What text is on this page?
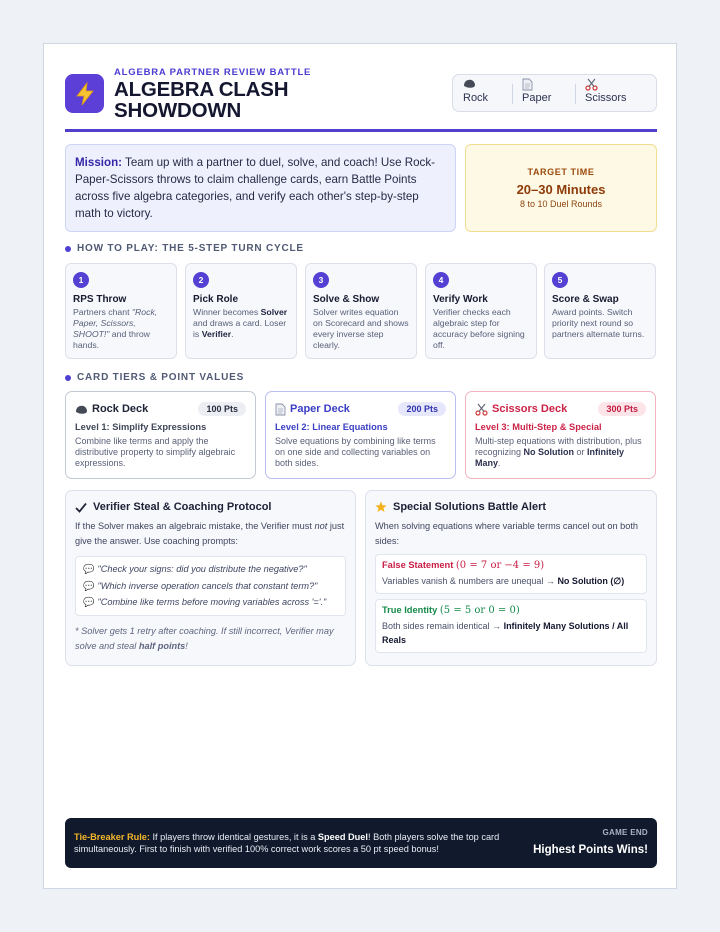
ALGEBRA PARTNER REVIEW BATTLE
ALGEBRA CLASH
SHOWDOWN
Rock	Paper	Scissors
Mission: Team up with a partner to duel, solve, and coach! Use Rock-Paper-Scissors throws to claim challenge cards, earn Battle Points across five algebra categories, and verify each other's step-by-step math to victory.
TARGET TIME
20–30 Minutes
8 to 10 Duel Rounds
HOW TO PLAY: THE 5-STEP TURN CYCLE
1
RPS Throw
Partners chant "Rock, Paper, Scissors, SHOOT!" and throw hands.
2
Pick Role
Winner becomes Solver and draws a card. Loser is Verifier.
3
Solve & Show
Solver writes equation on Scorecard and shows every inverse step clearly.
4
Verify Work
Verifier checks each algebraic step for accuracy before signing off.
5
Score & Swap
Award points. Switch priority next round so partners alternate turns.
CARD TIERS & POINT VALUES
Rock Deck	100 Pts
Level 1: Simplify Expressions
Combine like terms and apply the distributive property to simplify algebraic expressions.
Paper Deck	200 Pts
Level 2: Linear Equations
Solve equations by combining like terms on one side and collecting variables on both sides.
Scissors Deck	300 Pts
Level 3: Multi-Step & Special
Multi-step equations with distribution, plus recognizing No Solution or Infinitely Many.
Verifier Steal & Coaching Protocol
If the Solver makes an algebraic mistake, the Verifier must not just give the answer. Use coaching prompts:
💬 "Check your signs: did you distribute the negative?"
💬 "Which inverse operation cancels that constant term?"
💬 "Combine like terms before moving variables across '='."
* Solver gets 1 retry after coaching. If still incorrect, Verifier may solve and steal half points!
Special Solutions Battle Alert
When solving equations where variable terms cancel out on both sides:
False Statement (0 = 7 or −4 = 9)
Variables vanish & numbers are unequal → No Solution (∅)
True Identity (5 = 5 or 0 = 0)
Both sides remain identical → Infinitely Many Solutions / All Reals
Tie-Breaker Rule: If players throw identical gestures, it is a Speed Duel! Both players solve the top card simultaneously. First to finish with verified 100% correct work scores a 50 pt speed bonus!
GAME END
Highest Points Wins!
